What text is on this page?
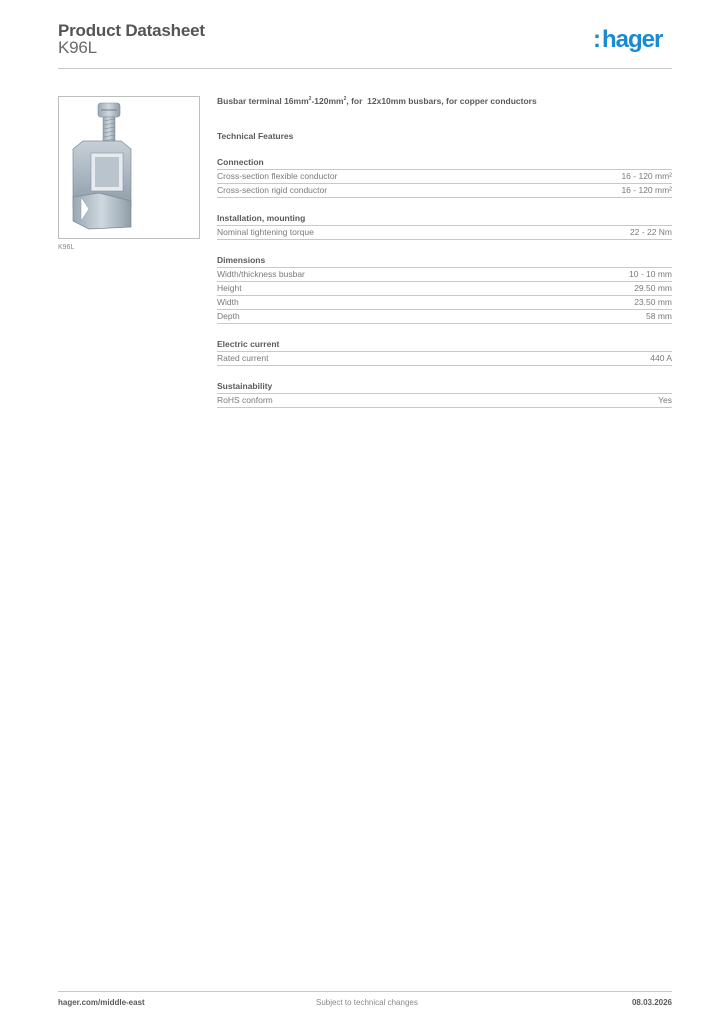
Product Datasheet
K96L	:hager
K96L
Busbar terminal $16mm^2-120mm^2$, for  12x10mm busbars, for copper conductors
Technical Features
Connection
Cross-section flexible conductor	16 - 120 mm²
Cross-section rigid conductor	16 - 120 mm²
Installation, mounting
Nominal tightening torque	22 - 22 Nm
Dimensions
Width/thickness busbar	10 - 10 mm
Height	29.50 mm
Width	23.50 mm
Depth	58 mm
Electric current
Rated current	440 A
Sustainability
RoHS conform	Yes
hager.com/middle-east	Subject to technical changes	08.03.2026
